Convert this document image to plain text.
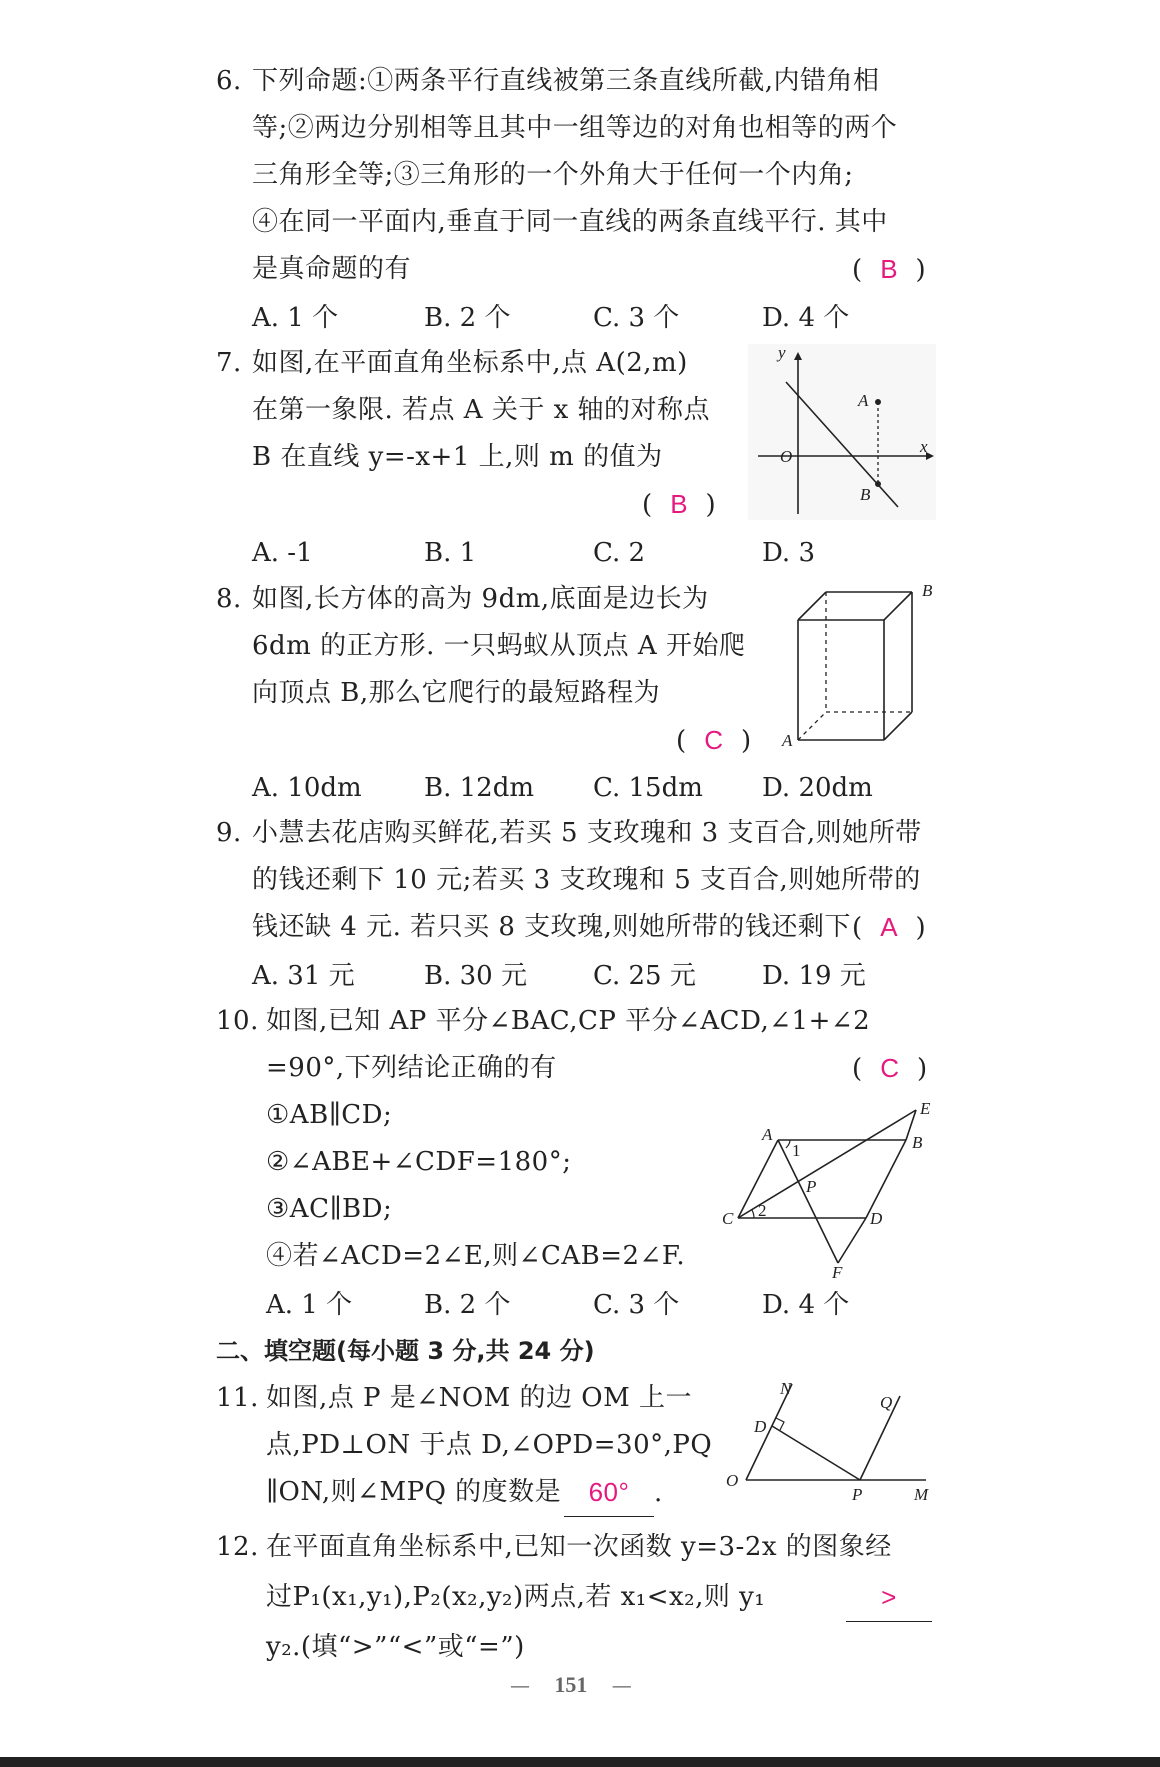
6. 下列命题:①两条平行直线被第三条直线所截,内错角相
等;②两边分别相等且其中一组等边的对角也相等的两个
三角形全等;③三角形的一个外角大于任何一个内角;
④在同一平面内,垂直于同一直线的两条直线平行. 其中
是真命题的有	(  B  )
A. 1 个	B. 2 个	C. 3 个	D. 4 个
7. 如图,在平面直角坐标系中,点 A(2,m)
在第一象限. 若点 A 关于 x 轴的对称点
B 在直线 y=-x+1 上,则 m 的值为
(  B  )
y
x
O
A
B
A. -1	B. 1	C. 2	D. 3
8. 如图,长方体的高为 9dm,底面是边长为
6dm 的正方形. 一只蚂蚁从顶点 A 开始爬
向顶点 B,那么它爬行的最短路程为
(  C  ) A
B
A. 10dm B. 12dm C. 15dm D. 20dm
9. 小慧去花店购买鲜花,若买 5 支玫瑰和 3 支百合,则她所带
的钱还剩下 10 元;若买 3 支玫瑰和 5 支百合,则她所带的
钱还缺 4 元. 若只买 8 支玫瑰,则她所带的钱还剩下 (  A  )
A. 31 元	B. 30 元	C. 25 元	D. 19 元
10. 如图,已知 AP 平分∠BAC,CP 平分∠ACD,∠1+∠2
=90°,下列结论正确的有	(  C  )
①AB∥CD;
②∠ABE+∠CDF=180°;
③AC∥BD;
④若∠ACD=2∠E,则∠CAB=2∠F.
A
1	B
E
P
C 2	D
F
A. 1 个	B. 2 个	C. 3 个	D. 4 个
二、填空题(每小题 3 分,共 24 分)
11. 如图,点 P 是∠NOM 的边 OM 上一
点,PD⊥ON 于点 D,∠OPD=30°,PQ
∥ON,则∠MPQ 的度数是	60° .
N
Q
D
O
P	M
12. 在平面直角坐标系中,已知一次函数 y=3-2x 的图象经
过P₁(x₁,y₁),P₂(x₂,y₂)两点,若 x₁<x₂,则 y₁	>
y₂.(填“>”“<”或“=”)
— 151 —
